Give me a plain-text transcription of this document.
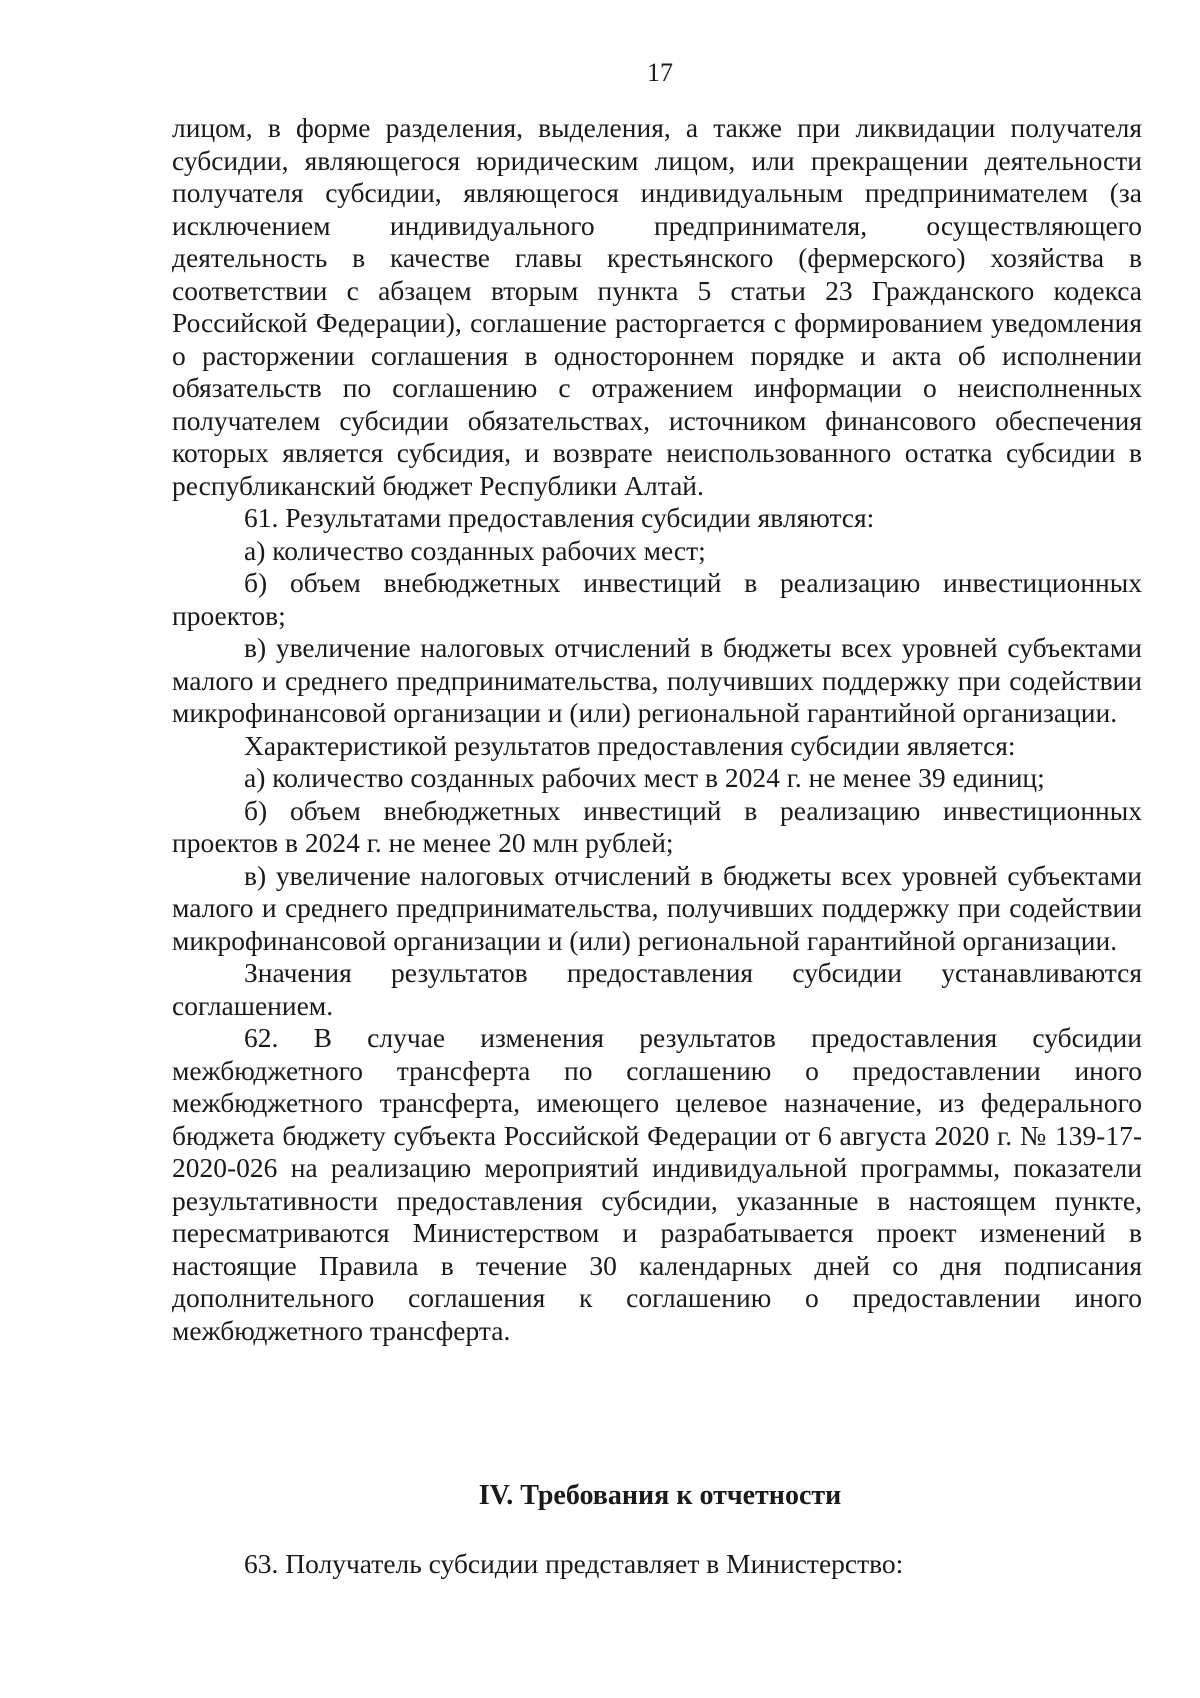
17

лицом, в форме разделения, выделения, а также при ликвидации получателя субсидии, являющегося юридическим лицом, или прекращении деятельности получателя субсидии, являющегося индивидуальным предпринимателем (за исключением индивидуального предпринимателя, осуществляющего деятельность в качестве главы крестьянского (фермерского) хозяйства в соответствии с абзацем вторым пункта 5 статьи 23 Гражданского кодекса Российской Федерации), соглашение расторгается с формированием уведомления о расторжении соглашения в одностороннем порядке и акта об исполнении обязательств по соглашению с отражением информации о неисполненных получателем субсидии обязательствах, источником финансового обеспечения которых является субсидия, и возврате неиспользованного остатка субсидии в республиканский бюджет Республики Алтай.

61. Результатами предоставления субсидии являются:

а) количество созданных рабочих мест;

б) объем внебюджетных инвестиций в реализацию инвестиционных проектов;

в) увеличение налоговых отчислений в бюджеты всех уровней субъектами малого и среднего предпринимательства, получивших поддержку при содействии микрофинансовой организации и (или) региональной гарантийной организации.

Характеристикой результатов предоставления субсидии является:

а) количество созданных рабочих мест в 2024 г. не менее 39 единиц;

б) объем внебюджетных инвестиций в реализацию инвестиционных проектов в 2024 г. не менее 20 млн рублей;

в) увеличение налоговых отчислений в бюджеты всех уровней субъектами малого и среднего предпринимательства, получивших поддержку при содействии микрофинансовой организации и (или) региональной гарантийной организации.

Значения результатов предоставления субсидии устанавливаются соглашением.

62. В случае изменения результатов предоставления субсидии межбюджетного трансферта по соглашению о предоставлении иного межбюджетного трансферта, имеющего целевое назначение, из федерального бюджета бюджету субъекта Российской Федерации от 6 августа 2020 г. № 139-17-2020-026 на реализацию мероприятий индивидуальной программы, показатели результативности предоставления субсидии, указанные в настоящем пункте, пересматриваются Министерством и разрабатывается проект изменений в настоящие Правила в течение 30 календарных дней со дня подписания дополнительного соглашения к соглашению о предоставлении иного межбюджетного трансферта.

IV. Требования к отчетности
63. Получатель субсидии представляет в Министерство:
